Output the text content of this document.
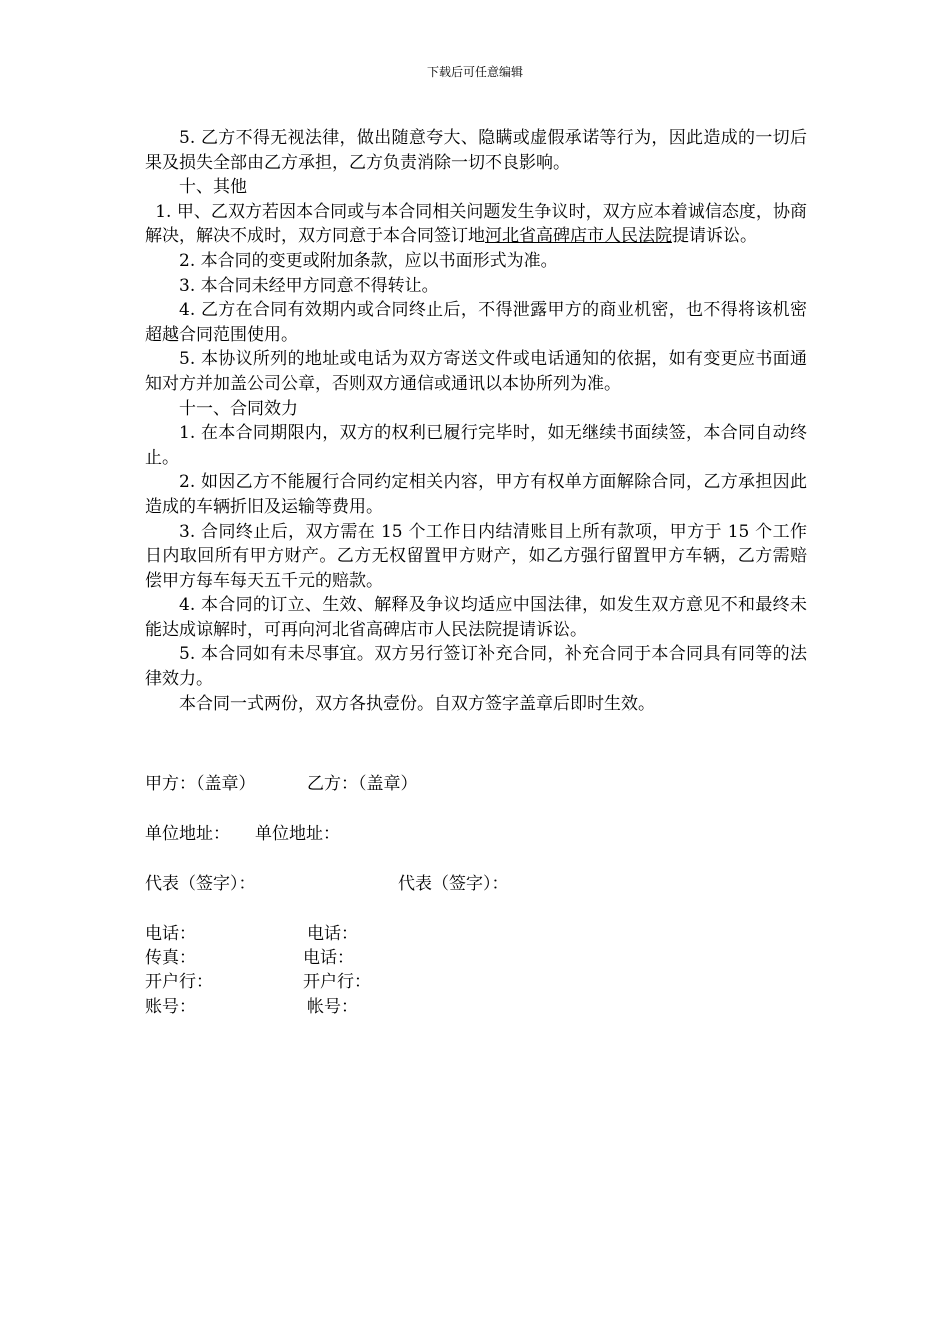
下载后可任意编辑

5. 乙方不得无视法律，做出随意夸大、隐瞒或虚假承诺等行为，因此造成的一切后果及损失全部由乙方承担，乙方负责消除一切不良影响。

十、其他

1. 甲、乙双方若因本合同或与本合同相关问题发生争议时，双方应本着诚信态度，协商解决，解决不成时，双方同意于本合同签订地河北省高碑店市人民法院提请诉讼。

2. 本合同的变更或附加条款，应以书面形式为准。

3. 本合同未经甲方同意不得转让。

4. 乙方在合同有效期内或合同终止后，不得泄露甲方的商业机密，也不得将该机密超越合同范围使用。

5. 本协议所列的地址或电话为双方寄送文件或电话通知的依据，如有变更应书面通知对方并加盖公司公章，否则双方通信或通讯以本协所列为准。

十一、合同效力

1. 在本合同期限内，双方的权利已履行完毕时，如无继续书面续签，本合同自动终止。

2. 如因乙方不能履行合同约定相关内容，甲方有权单方面解除合同，乙方承担因此造成的车辆折旧及运输等费用。

3. 合同终止后，双方需在 15 个工作日内结清账目上所有款项，甲方于 15 个工作日内取回所有甲方财产。乙方无权留置甲方财产，如乙方强行留置甲方车辆，乙方需赔偿甲方每车每天五千元的赔款。

4. 本合同的订立、生效、解释及争议均适应中国法律，如发生双方意见不和最终未能达成谅解时，可再向河北省高碑店市人民法院提请诉讼。

5. 本合同如有未尽事宜。双方另行签订补充合同，补充合同于本合同具有同等的法律效力。

本合同一式两份，双方各执壹份。自双方签字盖章后即时生效。

甲方：（盖章）	乙方：（盖章）
单位地址： 单位地址：
代表（签字）：	代表（签字）：
电话：	电话：
传真：	电话：
开户行：	开户行：
账号：	帐号：
